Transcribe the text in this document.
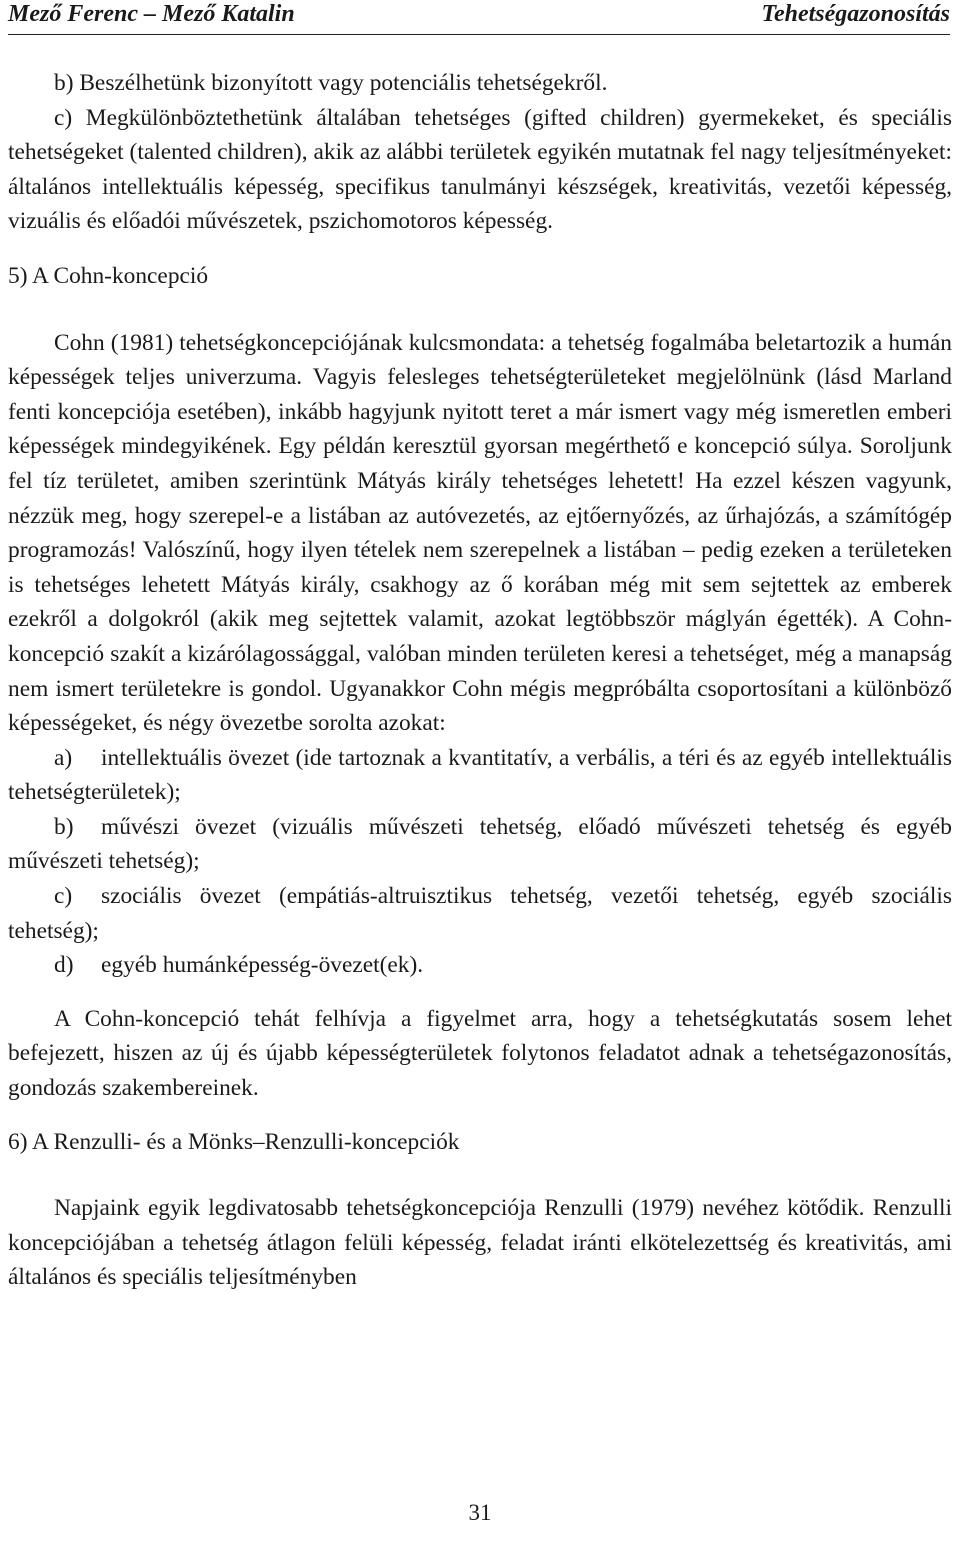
Mező Ferenc – Mező Katalin	Tehetségazonosítás

b) Beszélhetünk bizonyított vagy potenciális tehetségekről.

c) Megkülönböztethetünk általában tehetséges (gifted children) gyermekeket, és speciális tehetségeket (talented children), akik az alábbi területek egyikén mutatnak fel nagy teljesítményeket: általános intellektuális képesség, specifikus tanulmányi készségek, kreativitás, vezetői képesség, vizuális és előadói művészetek, pszichomotoros képesség.

5) A Cohn-koncepció

Cohn (1981) tehetségkoncepciójának kulcsmondata: a tehetség fogalmába beletartozik a humán képességek teljes univerzuma. Vagyis felesleges tehetségterületeket megjelölnünk (lásd Marland fenti koncepciója esetében), inkább hagyjunk nyitott teret a már ismert vagy még ismeretlen emberi képességek mindegyikének. Egy példán keresztül gyorsan megérthető e koncepció súlya. Soroljunk fel tíz területet, amiben szerintünk Mátyás király tehetséges lehetett! Ha ezzel készen vagyunk, nézzük meg, hogy szerepel-e a listában az autóvezetés, az ejtőernyőzés, az űrhajózás, a számítógép programozás! Valószínű, hogy ilyen tételek nem szerepelnek a listában – pedig ezeken a területeken is tehetséges lehetett Mátyás király, csakhogy az ő korában még mit sem sejtettek az emberek ezekről a dolgokról (akik meg sejtettek valamit, azokat legtöbbször máglyán égették). A Cohn-koncepció szakít a kizárólagossággal, valóban minden területen keresi a tehetséget, még a manapság nem ismert területekre is gondol. Ugyanakkor Cohn mégis megpróbálta csoportosítani a különböző képességeket, és négy övezetbe sorolta azokat:

a) intellektuális övezet (ide tartoznak a kvantitatív, a verbális, a téri és az egyéb intellektuális tehetségterületek);

b) művészi övezet (vizuális művészeti tehetség, előadó művészeti tehetség és egyéb művészeti tehetség);

c) szociális övezet (empátiás-altruisztikus tehetség, vezetői tehetség, egyéb szociális tehetség);

d) egyéb humánképesség-övezet(ek).

A Cohn-koncepció tehát felhívja a figyelmet arra, hogy a tehetségkutatás sosem lehet befejezett, hiszen az új és újabb képességterületek folytonos feladatot adnak a tehetségazonosítás, gondozás szakembereinek.

6) A Renzulli- és a Mönks–Renzulli-koncepciók

Napjaink egyik legdivatosabb tehetségkoncepciója Renzulli (1979) nevéhez kötődik. Renzulli koncepciójában a tehetség átlagon felüli képesség, feladat iránti elkötelezettség és kreativitás, ami általános és speciális teljesítményben

31
